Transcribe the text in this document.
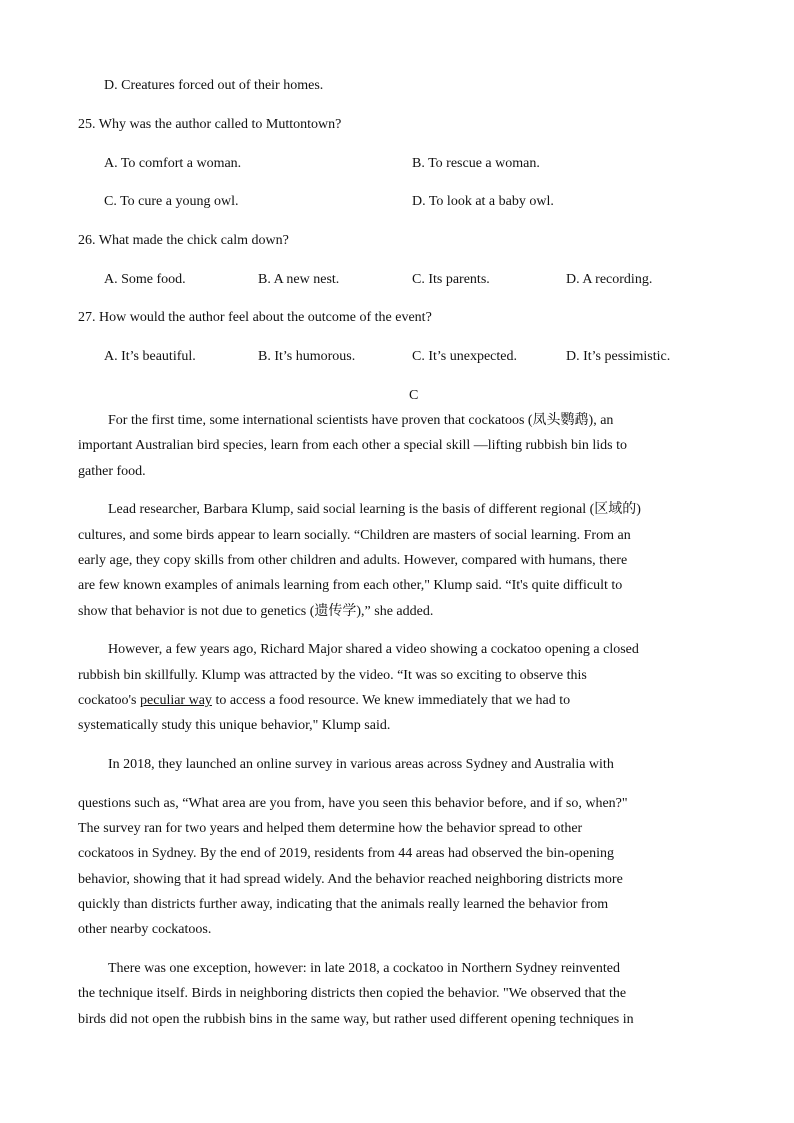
D. Creatures forced out of their homes.
25. Why was the author called to Muttontown?
A. To comfort a woman.	B. To rescue a woman.
C. To cure a young owl.	D. To look at a baby owl.
26. What made the chick calm down?
A. Some food.	B. A new nest.	C. Its parents.	D. A recording.
27. How would the author feel about the outcome of the event?
A. It’s beautiful.	B. It’s humorous.	C. It’s unexpected.	D. It’s pessimistic.
C
For the first time, some international scientists have proven that cockatoos (凤头鹦鹉), an
important Australian bird species, learn from each other a special skill —lifting rubbish bin lids to
gather food.
Lead researcher, Barbara Klump, said social learning is the basis of different regional (区域的)
cultures, and some birds appear to learn socially. “Children are masters of social learning. From an
early age, they copy skills from other children and adults. However, compared with humans, there
are few known examples of animals learning from each other," Klump said. “It's quite difficult to
show that behavior is not due to genetics (遗传学),” she added.
However, a few years ago, Richard Major shared a video showing a cockatoo opening a closed
rubbish bin skillfully. Klump was attracted by the video. “It was so exciting to observe this
cockatoo's peculiar way to access a food resource. We knew immediately that we had to
systematically study this unique behavior," Klump said.
In 2018, they launched an online survey in various areas across Sydney and Australia with
questions such as, “What area are you from, have you seen this behavior before, and if so, when?"
The survey ran for two years and helped them determine how the behavior spread to other
cockatoos in Sydney. By the end of 2019, residents from 44 areas had observed the bin-opening
behavior, showing that it had spread widely. And the behavior reached neighboring districts more
quickly than districts further away, indicating that the animals really learned the behavior from
other nearby cockatoos.
There was one exception, however: in late 2018, a cockatoo in Northern Sydney reinvented
the technique itself. Birds in neighboring districts then copied the behavior. "We observed that the
birds did not open the rubbish bins in the same way, but rather used different opening techniques in
